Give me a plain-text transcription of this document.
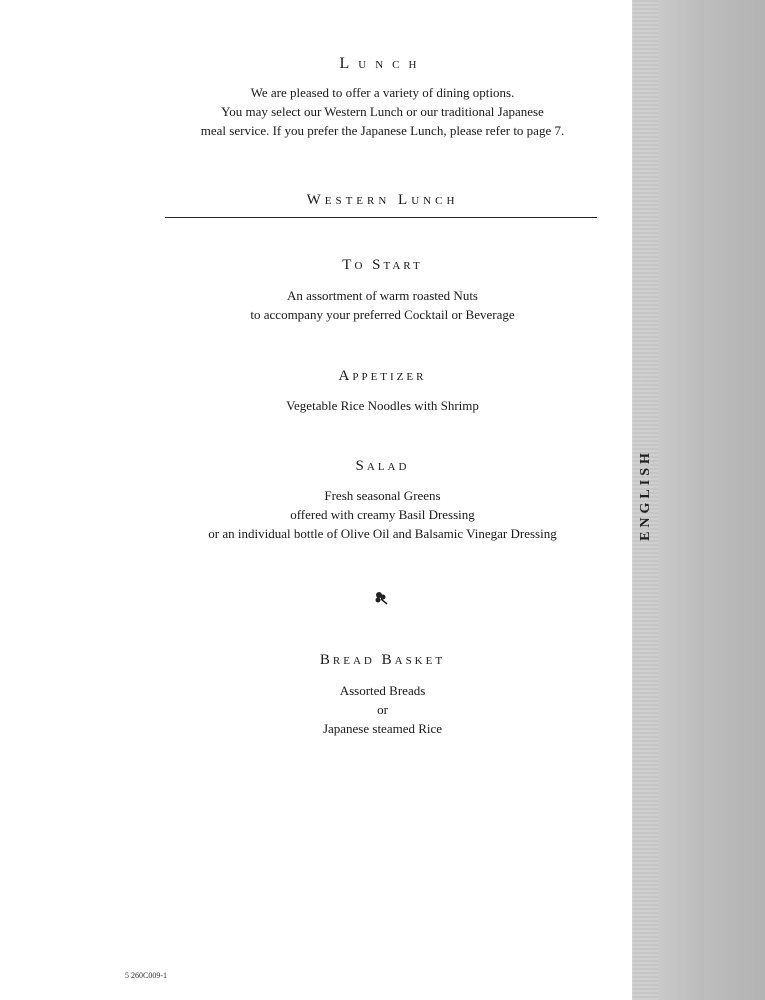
ENGLISH
Lunch
We are pleased to offer a variety of dining options.
You may select our Western Lunch or our traditional Japanese
meal service. If you prefer the Japanese Lunch, please refer to page 7.
Western Lunch
To Start
An assortment of warm roasted Nuts
to accompany your preferred Cocktail or Beverage
Appetizer
Vegetable Rice Noodles with Shrimp
Salad
Fresh seasonal Greens
offered with creamy Basil Dressing
or an individual bottle of Olive Oil and Balsamic Vinegar Dressing
Bread Basket
Assorted Breads
or
Japanese steamed Rice
5 260C009-1
